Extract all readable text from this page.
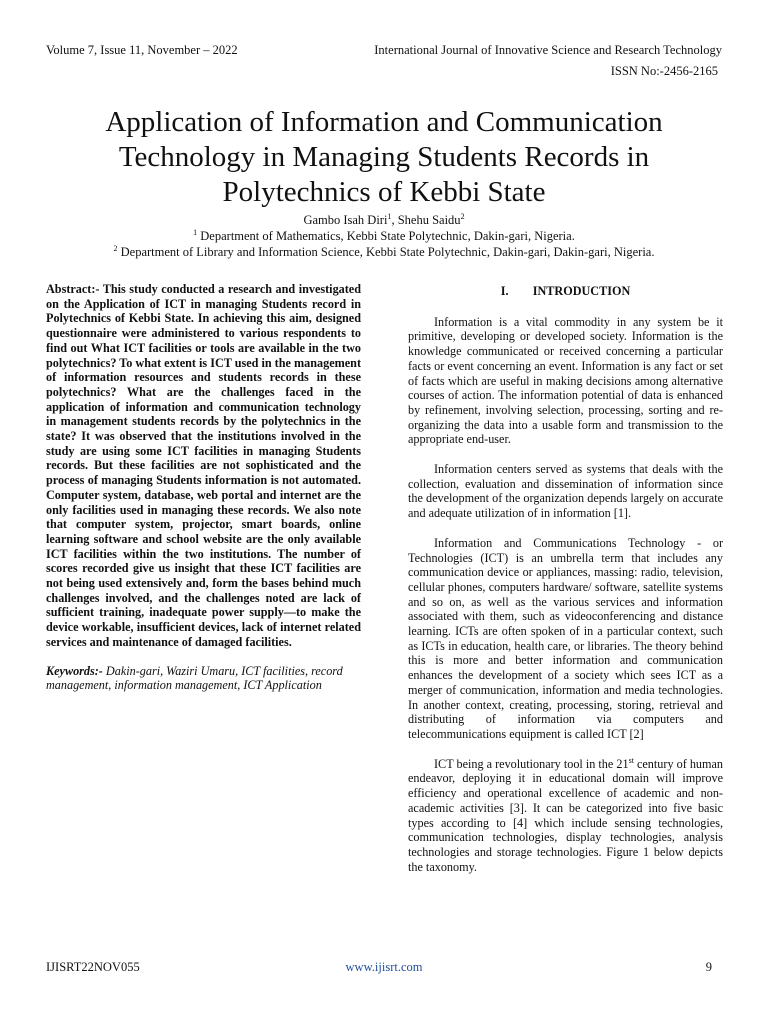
Volume 7, Issue 11, November – 2022	International Journal of Innovative Science and Research Technology
ISSN No:-2456-2165
Application of Information and Communication Technology in Managing Students Records in Polytechnics of Kebbi State
Gambo Isah Diri$^1$, Shehu Saidu$^2$
$^1$ Department of Mathematics, Kebbi State Polytechnic, Dakin-gari, Nigeria.
$^2$ Department of Library and Information Science, Kebbi State Polytechnic, Dakin-gari, Dakin-gari, Nigeria.

Abstract:- This study conducted a research and investigated on the Application of ICT in managing Students record in Polytechnics of Kebbi State. In achieving this aim, designed questionnaire were administered to various respondents to find out What ICT facilities or tools are available in the two polytechnics? To what extent is ICT used in the management of information resources and students records in these polytechnics? What are the challenges faced in the application of information and communication technology in management students records by the polytechnics in the state? It was observed that the institutions involved in the study are using some ICT facilities in managing Students records. But these facilities are not sophisticated and the process of managing Students information is not automated. Computer system, database, web portal and internet are the only facilities used in managing these records. We also note that computer system, projector, smart boards, online learning software and school website are the only available ICT facilities within the two institutions. The number of scores recorded give us insight that these ICT facilities are not being used extensively and, form the bases behind much challenges involved, and the challenges noted are lack of sufficient training, inadequate power supply—to make the device workable, insufficient devices, lack of internet related services and maintenance of damaged facilities.

Keywords:- Dakin-gari, Waziri Umaru, ICT facilities, record management, information management, ICT Application

I. INTRODUCTION

Information is a vital commodity in any system be it primitive, developing or developed society. Information is the knowledge communicated or received concerning a particular facts or event concerning an event. Information is any fact or set of facts which are useful in making decisions among alternative courses of action. The information potential of data is enhanced by refinement, involving selection, processing, sorting and re-organizing the data into a usable form and transmission to the appropriate end-user.

Information centers served as systems that deals with the collection, evaluation and dissemination of information since the development of the organization depends largely on accurate and adequate utilization of in information [1].

Information and Communications Technology - or Technologies (ICT) is an umbrella term that includes any communication device or appliances, massing: radio, television, cellular phones, computers hardware/ software, satellite systems and so on, as well as the various services and information associated with them, such as videoconferencing and distance learning. ICTs are often spoken of in a particular context, such as ICTs in education, health care, or libraries. The theory behind this is more and better information and communication enhances the development of a society which sees ICT as a merger of communication, information and media technologies. In another context, creating, processing, storing, retrieval and distributing of information via computers and telecommunications equipment is called ICT [2]

ICT being a revolutionary tool in the 21st century of human endeavor, deploying it in educational domain will improve efficiency and operational excellence of academic and non-academic activities [3]. It can be categorized into five basic types according to [4] which include sensing technologies, communication technologies, display technologies, analysis technologies and storage technologies. Figure 1 below depicts the taxonomy.

IJISRT22NOV055	www.ijisrt.com	9
